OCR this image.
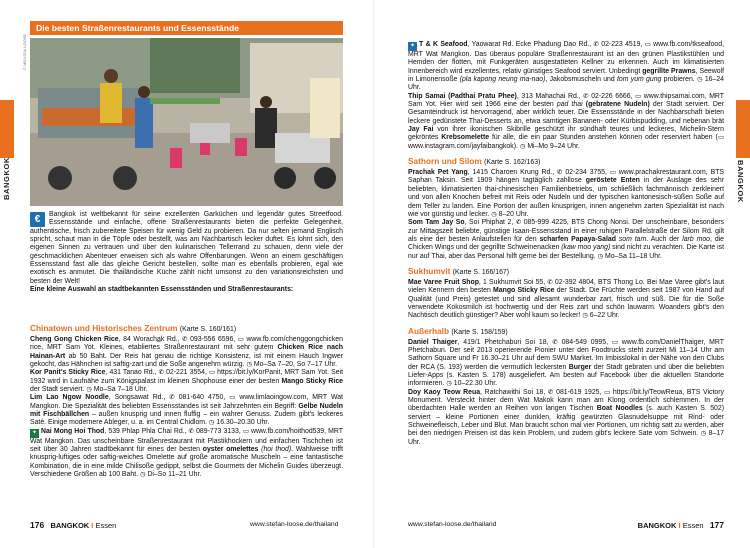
BANGKOK
Die besten Straßenrestaurants und Essensstände
© MELISSA LOOSE
€	Bangkok ist weltbekannt für seine exzellenten Garküchen und legendär gutes Streetfood. Essensstände und einfache, offene Straßenrestaurants bieten die perfekte Gelegenheit, authentische, frisch zubereitete Speisen für wenig Geld zu probieren. Da nur selten jemand Englisch spricht, schaut man in die Töpfe oder bestellt, was am Nachbartisch lecker duftet. Es lohnt sich, den eigenen Sinnen zu vertrauen und über den kulinarischen Tellerrand zu schauen, denn viele der geschmacklichen Abenteuer erweisen sich als wahre Offenbarungen. Wenn an einem geschäftigen Essensstand fast alle das gleiche Gericht bestellen, sollte man es ebenfalls probieren, egal wie exotisch es anmutet. Die thailändische Küche zählt nicht umsonst zu den variationsreichsten und besten der Welt!

Eine kleine Auswahl an stadtbekannten Essensständen und Straßenrestaurants:

Chinatown und Historisches Zentrum (Karte S. 160/161)

Cheng Gong Chicken Rice, 84 Woracha̲k Rd., ✆ 093-556 6596, ▭ www.fb.com/chenggongchicken rice, MRT Sam Yot. Kleines, etabliertes Straßenrestaurant mit sehr gutem Chicken Rice nach Hainan-Art ab 50 Baht. Der Reis hat genau die richtige Konsistenz, ist mit einem Hauch Ingwer gekocht, das Hähnchen ist saftig-zart und die Soße angenehm würzig. ◷ Mo–Sa 7–20, So 7–17 Uhr.

Kor Panit's Sticky Rice, 431 Tanao Rd., ✆ 02-221 3554, ▭ https://bit.ly/KorPanit, MRT Sam Yot. Seit 1932 wird in Laufnähe zum Königspalast im kleinen Shophouse einer der besten Mango Sticky Rice der Stadt serviert. ◷ Mo–Sa 7–18 Uhr.

Lim Lao Ngow Noodle, Songsawat Rd., ✆ 081-640 4750, ▭ www.limlaoingow.com, MRT Wat Mangkon. Die Spezialität des beliebten Essensstandes ist seit Jahrzehnten ein Begriff: Gelbe Nudeln mit Fischbällchen – außen knusprig und innen fluffig – ein wahrer Genuss. Zudem gibt's leckeres Satè. Einige modernere Ableger, u. a. im Central Chidlom. ◷ 16.30–20.30 Uhr.

✦ Nai Mong Hoi Thod, 539 Phlap Phla Chai Rd., ✆ 089-773 3133, ▭ www.fb.com/hoithod539, MRT Wat Mangkon. Das unscheinbare Straßenrestaurant mit Plastikhockern und einfachen Tischchen ist seit über 30 Jahren stadtbekannt für eines der besten oyster omelettes (hoi thod). Wahlweise trifft knusprig-luftiges oder saftig-weiches Omelette auf große aromatische Muscheln – eine fantastische Kombination, die in eine milde Chilisoße gedippt, selbst die Gourmets der Michelin Guides überzeugt. Verschiedene Größen ab 100 Baht. ◷ Di–So 11–21 Uhr.

176 BANGKOK I Essen	www.stefan-loose.de/thailand
BANGKOK

✦ T & K Seafood, Yaowarat Rd. Ecke Phadung Dao Rd., ✆ 02-223 4519, ▭ www.fb.com/tkseafood, MRT Wat Mangkon. Das überaus populäre Straßenrestaurant ist an den grünen Plastikstühlen und Hemden der flotten, mit Funkgeräten ausgestatteten Kellner zu erkennen. Auch im klimatisierten Innenbereich wird exzellentes, relativ günstiges Seafood serviert. Unbedingt gegrillte Prawns, Seewolf in Limonensoße (pla kapong neung ma-nao), Jakobsmuscheln und tom yum gung probieren. ◷ 16–24 Uhr.

Thip Samai (Padthai Pratu Phee), 313 Mahachai Rd., ✆ 02-226 6666, ▭ www.thipsamai.com, MRT Sam Yot. Hier wird seit 1966 eine der besten pad thai (gebratene Nudeln) der Stadt serviert. Der Gesamteindruck ist hervorragend, aber wirklich teuer. Die Essensstände in der Nachbarschaft bieten leckere gedünstete Thai-Desserts an, etwa samtigen Bananen- oder Kürbispudding, und nebenan brät Jay Fai von ihrer ikonischen Skibrille geschützt ihr sündhaft teures und leckeres, Michelin-Stern gekröntes Krebsomelette für alle, die ein paar Stunden anstehen können oder reserviert haben (▭ www.instagram.com/jayfaibangkok). ◷ Mi–Mo 9–24 Uhr.

Sathorn und Silom (Karte S. 162/163)

Prachak Pet Yang, 1415 Charoen Krung Rd., ✆ 02-234 3755, ▭ www.prachakrestaurant.com, BTS Saphan Taksin. Seit 1909 hängen tagtäglich zahllose geröstete Enten in der Auslage des sehr beliebten, klimatisierten thai-chinesischen Familienbetriebs, um schließlich fachmännisch zerkleinert und von allen Knochen befreit mit Reis oder Nudeln und der typischen kantonesisch-süßen Soße auf dem Teller zu landen. Eine Portion der außen knusprigen, innen angenehm zarten Spezialität ist nach wie vor günstig und lecker. ◷ 8–20 Uhr.

Som Tam Jay So, Soi Phiphat 2, ✆ 085-999 4225, BTS Chong Nonsi. Der unscheinbare, besonders zur Mittagszeit beliebte, günstige Isaan-Essensstand in einer ruhigen Parallelstraße der Silom Rd. gilt als eine der besten Anlaufstellen für den scharfen Papaya-Salad som tam. Auch der larb moo, die Chicken Wings und der gegrillte Schweinenacken (kaw moo yang) sind nicht zu verachten. Die Karte ist nur auf Thai, aber das Personal hilft gerne bei der Bestellung. ◷ Mo–Sa 11–18 Uhr.

Sukhumvit (Karte S. 166/167)

Mae Varee Fruit Shop, 1 Sukhumvit Soi 55, ✆ 02-392 4804, BTS Thong Lo. Bei Mae Varee gibt's laut vielen Kennern den besten Mango Sticky Rice der Stadt. Die Früchte werden seit 1987 von Hand auf Qualität (und Preis) getestet und sind allesamt wunderbar zart, frisch und süß. Die für die Soße verwendete Kokosmilch ist hochwertig und der Reis zart und schön lauwarm. Woanders gibt's den Nachtisch deutlich günstiger? Aber wohl kaum so lecker! ◷ 6–22 Uhr.

Außerhalb (Karte S. 158/159)

Daniel Thaiger, 419/1 Phetchaburi Soi 18, ✆ 084-549 0995, ▭ www.fb.com/DanielThaiger, MRT Phetchaburi. Der seit 2013 operierende Pionier unter den Foodtrucks steht zurzeit Mi 11–14 Uhr am Sathorn Square und Fr 16.30–21 Uhr auf dem SWU Market. Im Imbisslokal in der Nähe von den Clubs der RCA (S. 193) werden die vermutlich leckersten Burger der Stadt gebraten und über die beliebten Liefer-Apps (s. Kasten S. 178) ausgeliefert. Am besten auf Facebook über die aktuellen Standorte informieren. ◷ 10–22.30 Uhr.

Doy Kaoy Teow Reua, Ratchawithi Soi 18, ✆ 081-619 1925, ▭ https://bit.ly/TeowReua, BTS Victory Monument. Versteckt hinter dem Wat Makok kann man am Klong ordentlich schlemmen. In der überdachten Halle werden an Reihen von langen Tischen Boat Noodles (s. auch Kasten S. 502) serviert – kleine Portionen einer dunklen, kräftig gewürzten Glasnudelsuppe mit Rind- oder Schweinefleisch, Leber und Blut. Man braucht schon mal vier Portionen, um richtig satt zu werden, aber bei den niedrigen Preisen ist das kein Problem, und zudem gibt's leckere Sate vom Schwein. ◷ 8–17 Uhr.

www.stefan-loose.de/thailand	BANGKOK I Essen 177
